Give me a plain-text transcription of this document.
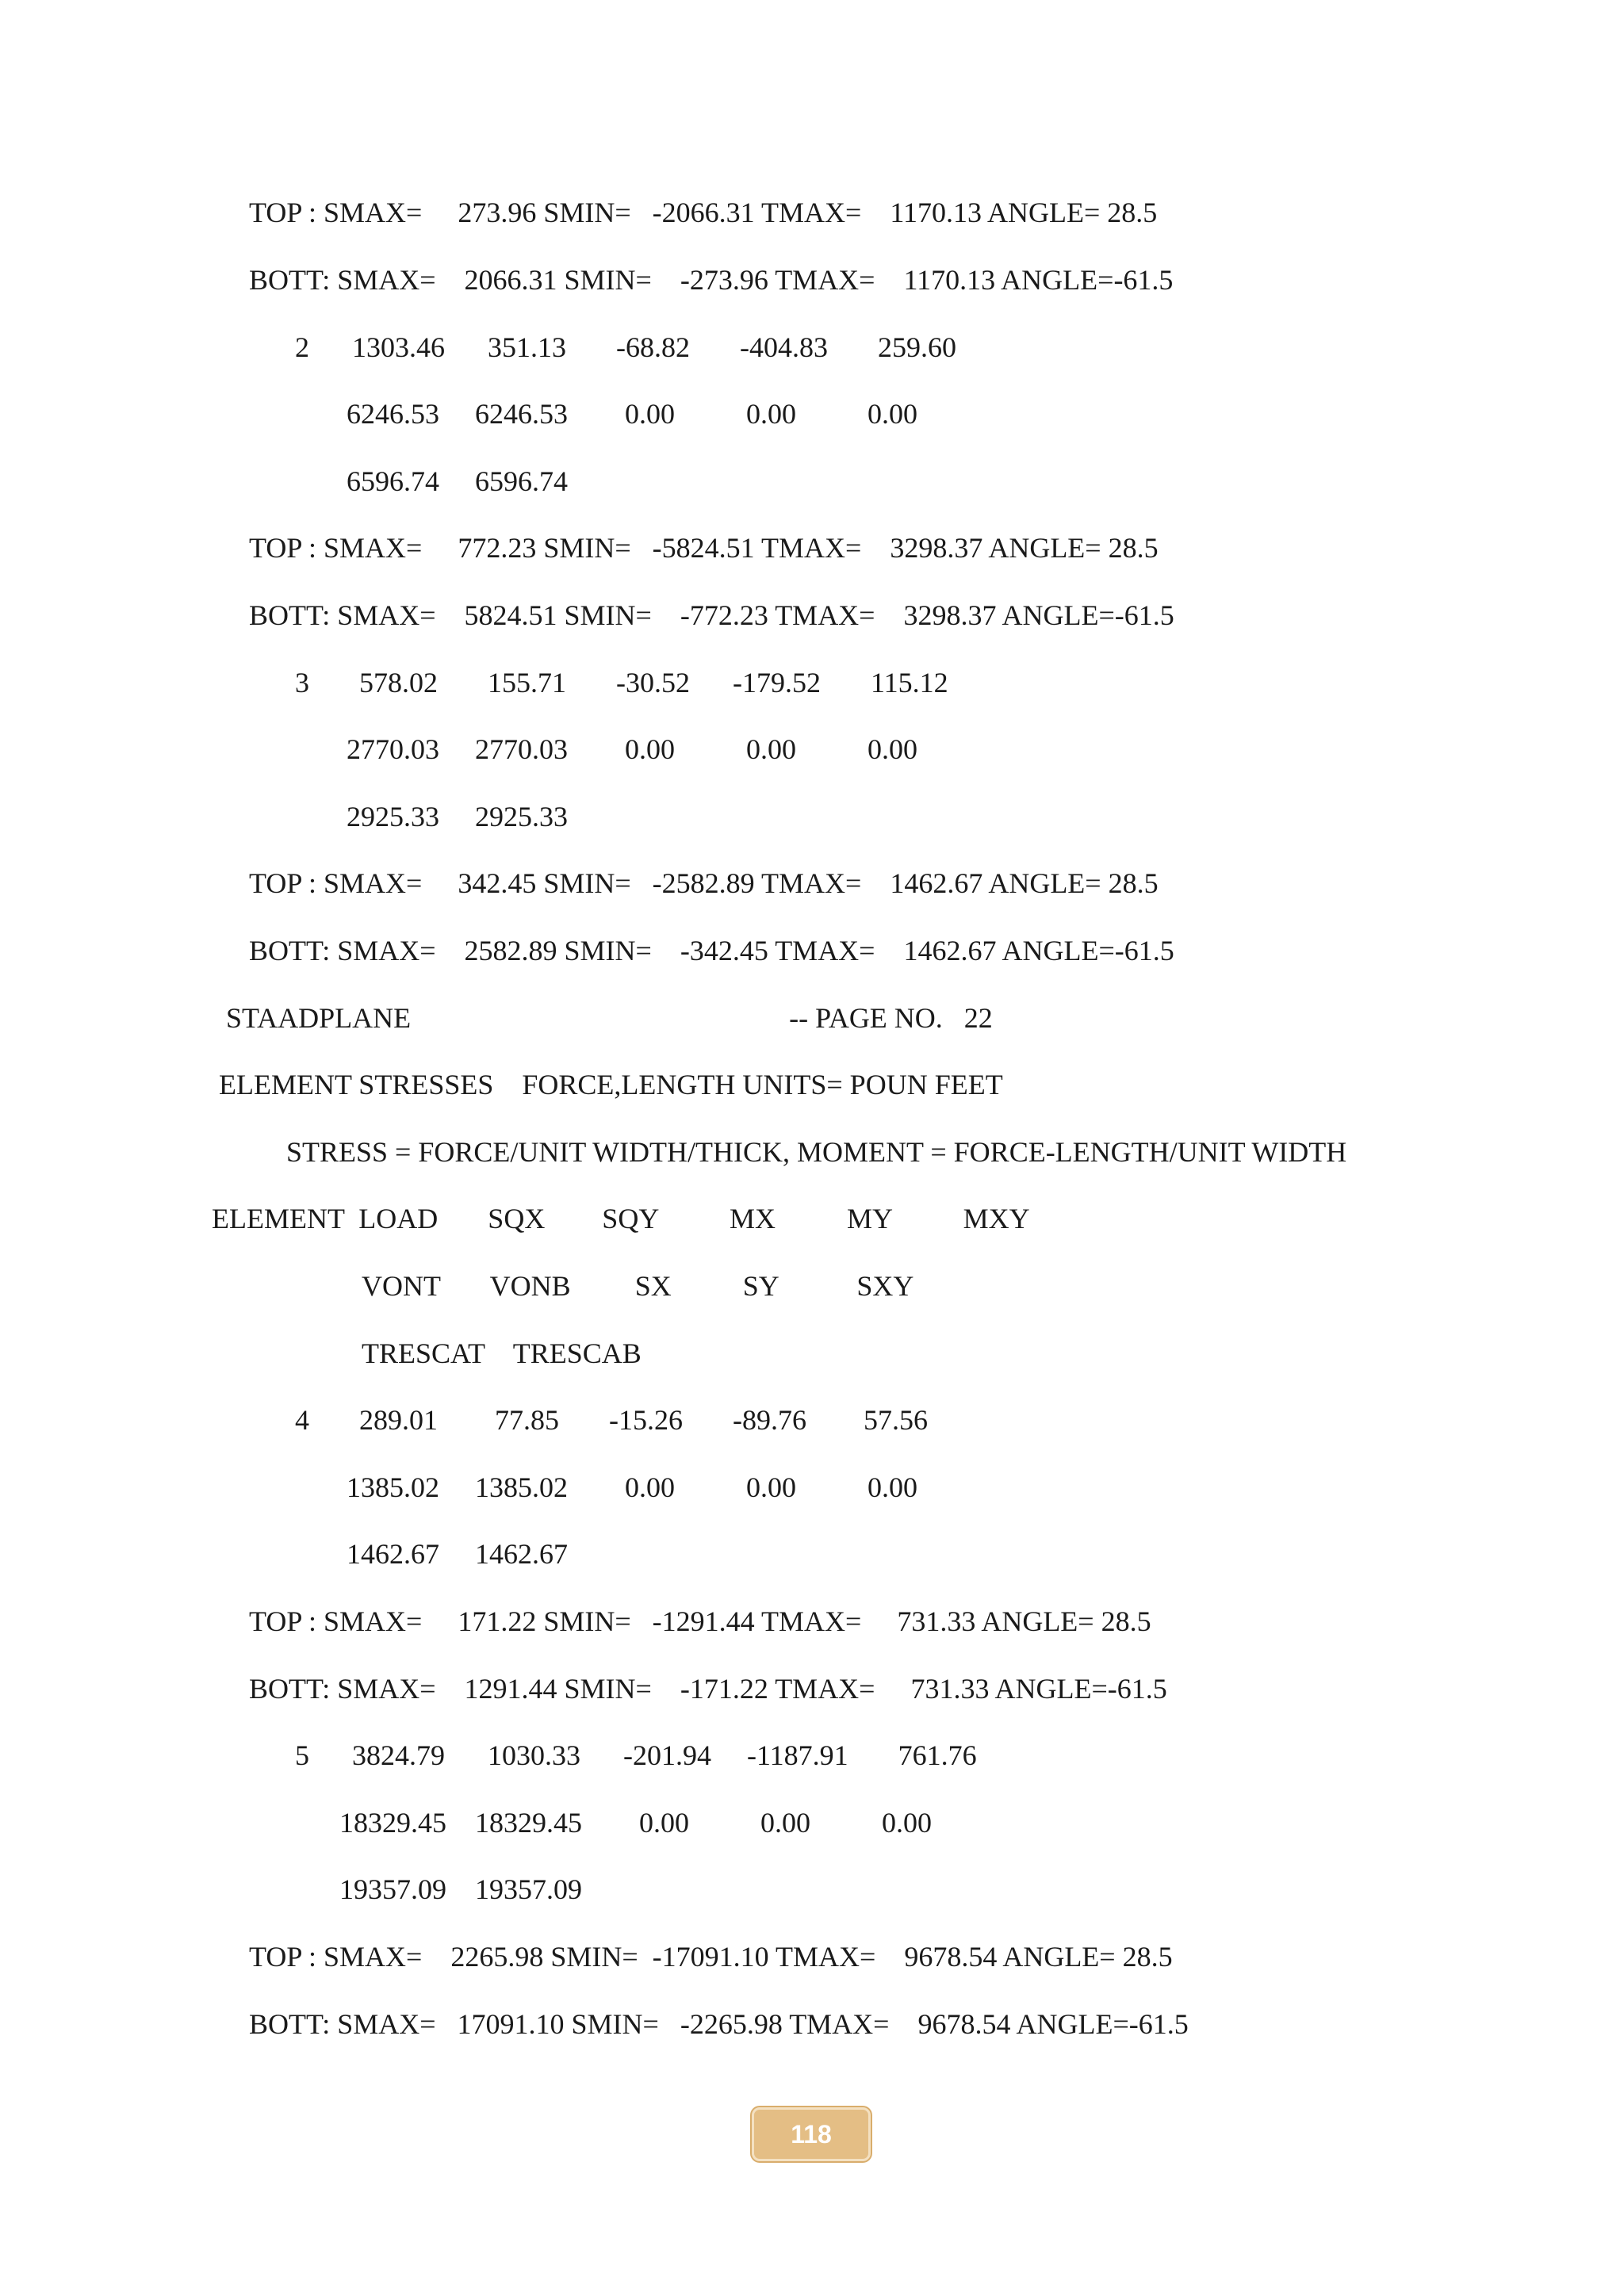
TOP : SMAX=     273.96 SMIN=   -2066.31 TMAX=    1170.13 ANGLE= 28.5
BOTT: SMAX=    2066.31 SMIN=    -273.96 TMAX=    1170.13 ANGLE=-61.5
2      1303.46      351.13       -68.82       -404.83       259.60
6246.53     6246.53        0.00          0.00          0.00
6596.74     6596.74
TOP : SMAX=     772.23 SMIN=   -5824.51 TMAX=    3298.37 ANGLE= 28.5
BOTT: SMAX=    5824.51 SMIN=    -772.23 TMAX=    3298.37 ANGLE=-61.5
3       578.02       155.71       -30.52      -179.52       115.12
2770.03     2770.03        0.00          0.00          0.00
2925.33     2925.33
TOP : SMAX=     342.45 SMIN=   -2582.89 TMAX=    1462.67 ANGLE= 28.5
BOTT: SMAX=    2582.89 SMIN=    -342.45 TMAX=    1462.67 ANGLE=-61.5
STAADPLANE                                                     -- PAGE NO.   22
ELEMENT STRESSES    FORCE,LENGTH UNITS= POUN FEET
STRESS = FORCE/UNIT WIDTH/THICK, MOMENT = FORCE-LENGTH/UNIT WIDTH
ELEMENT  LOAD       SQX        SQY          MX          MY          MXY
VONT       VONB         SX          SY           SXY
TRESCAT    TRESCAB
4       289.01        77.85       -15.26       -89.76        57.56
1385.02     1385.02        0.00          0.00          0.00
1462.67     1462.67
TOP : SMAX=     171.22 SMIN=   -1291.44 TMAX=     731.33 ANGLE= 28.5
BOTT: SMAX=    1291.44 SMIN=    -171.22 TMAX=     731.33 ANGLE=-61.5
5      3824.79      1030.33      -201.94     -1187.91       761.76
18329.45    18329.45        0.00          0.00          0.00
19357.09    19357.09
TOP : SMAX=    2265.98 SMIN=  -17091.10 TMAX=    9678.54 ANGLE= 28.5
BOTT: SMAX=   17091.10 SMIN=   -2265.98 TMAX=    9678.54 ANGLE=-61.5
118
